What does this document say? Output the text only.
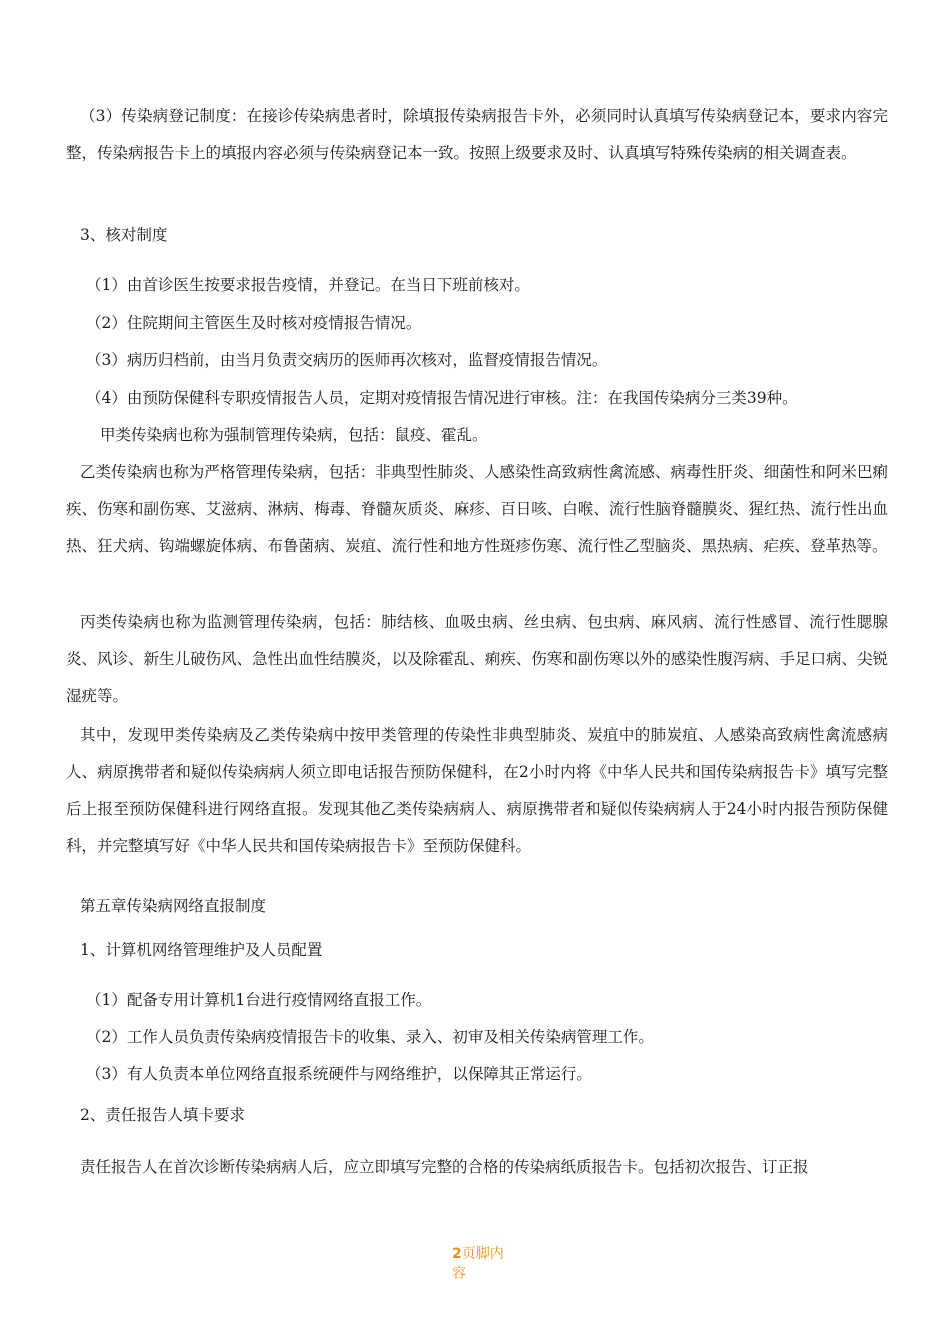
（3）传染病登记制度：在接诊传染病患者时，除填报传染病报告卡外，必须同时认真填写传染病登记本，要求内容完整，传染病报告卡上的填报内容必须与传染病登记本一致。按照上级要求及时、认真填写特殊传染病的相关调查表。

3、核对制度
（1）由首诊医生按要求报告疫情，并登记。在当日下班前核对。
（2）住院期间主管医生及时核对疫情报告情况。
（3）病历归档前，由当月负责交病历的医师再次核对，监督疫情报告情况。
（4）由预防保健科专职疫情报告人员，定期对疫情报告情况进行审核。注：在我国传染病分三类39种。
甲类传染病也称为强制管理传染病，包括：鼠疫、霍乱。

乙类传染病也称为严格管理传染病，包括：非典型性肺炎、人感染性高致病性禽流感、病毒性肝炎、细菌性和阿米巴痢疾、伤寒和副伤寒、艾滋病、淋病、梅毒、脊髓灰质炎、麻疹、百日咳、白喉、流行性脑脊髓膜炎、猩红热、流行性出血热、狂犬病、钩端螺旋体病、布鲁菌病、炭疽、流行性和地方性斑疹伤寒、流行性乙型脑炎、黑热病、疟疾、登革热等。

丙类传染病也称为监测管理传染病，包括：肺结核、血吸虫病、丝虫病、包虫病、麻风病、流行性感冒、流行性腮腺炎、风诊、新生儿破伤风、急性出血性结膜炎，以及除霍乱、痢疾、伤寒和副伤寒以外的感染性腹泻病、手足口病、尖锐湿疣等。

其中，发现甲类传染病及乙类传染病中按甲类管理的传染性非典型肺炎、炭疽中的肺炭疽、人感染高致病性禽流感病人、病原携带者和疑似传染病病人须立即电话报告预防保健科，在2小时内将《中华人民共和国传染病报告卡》填写完整后上报至预防保健科进行网络直报。发现其他乙类传染病病人、病原携带者和疑似传染病病人于24小时内报告预防保健科，并完整填写好《中华人民共和国传染病报告卡》至预防保健科。

第五章传染病网络直报制度
1、计算机网络管理维护及人员配置
（1）配备专用计算机1台进行疫情网络直报工作。
（2）工作人员负责传染病疫情报告卡的收集、录入、初审及相关传染病管理工作。
（3）有人负责本单位网络直报系统硬件与网络维护，以保障其正常运行。
2、责任报告人填卡要求
责任报告人在首次诊断传染病病人后，应立即填写完整的合格的传染病纸质报告卡。包括初次报告、订正报
2页脚内容
